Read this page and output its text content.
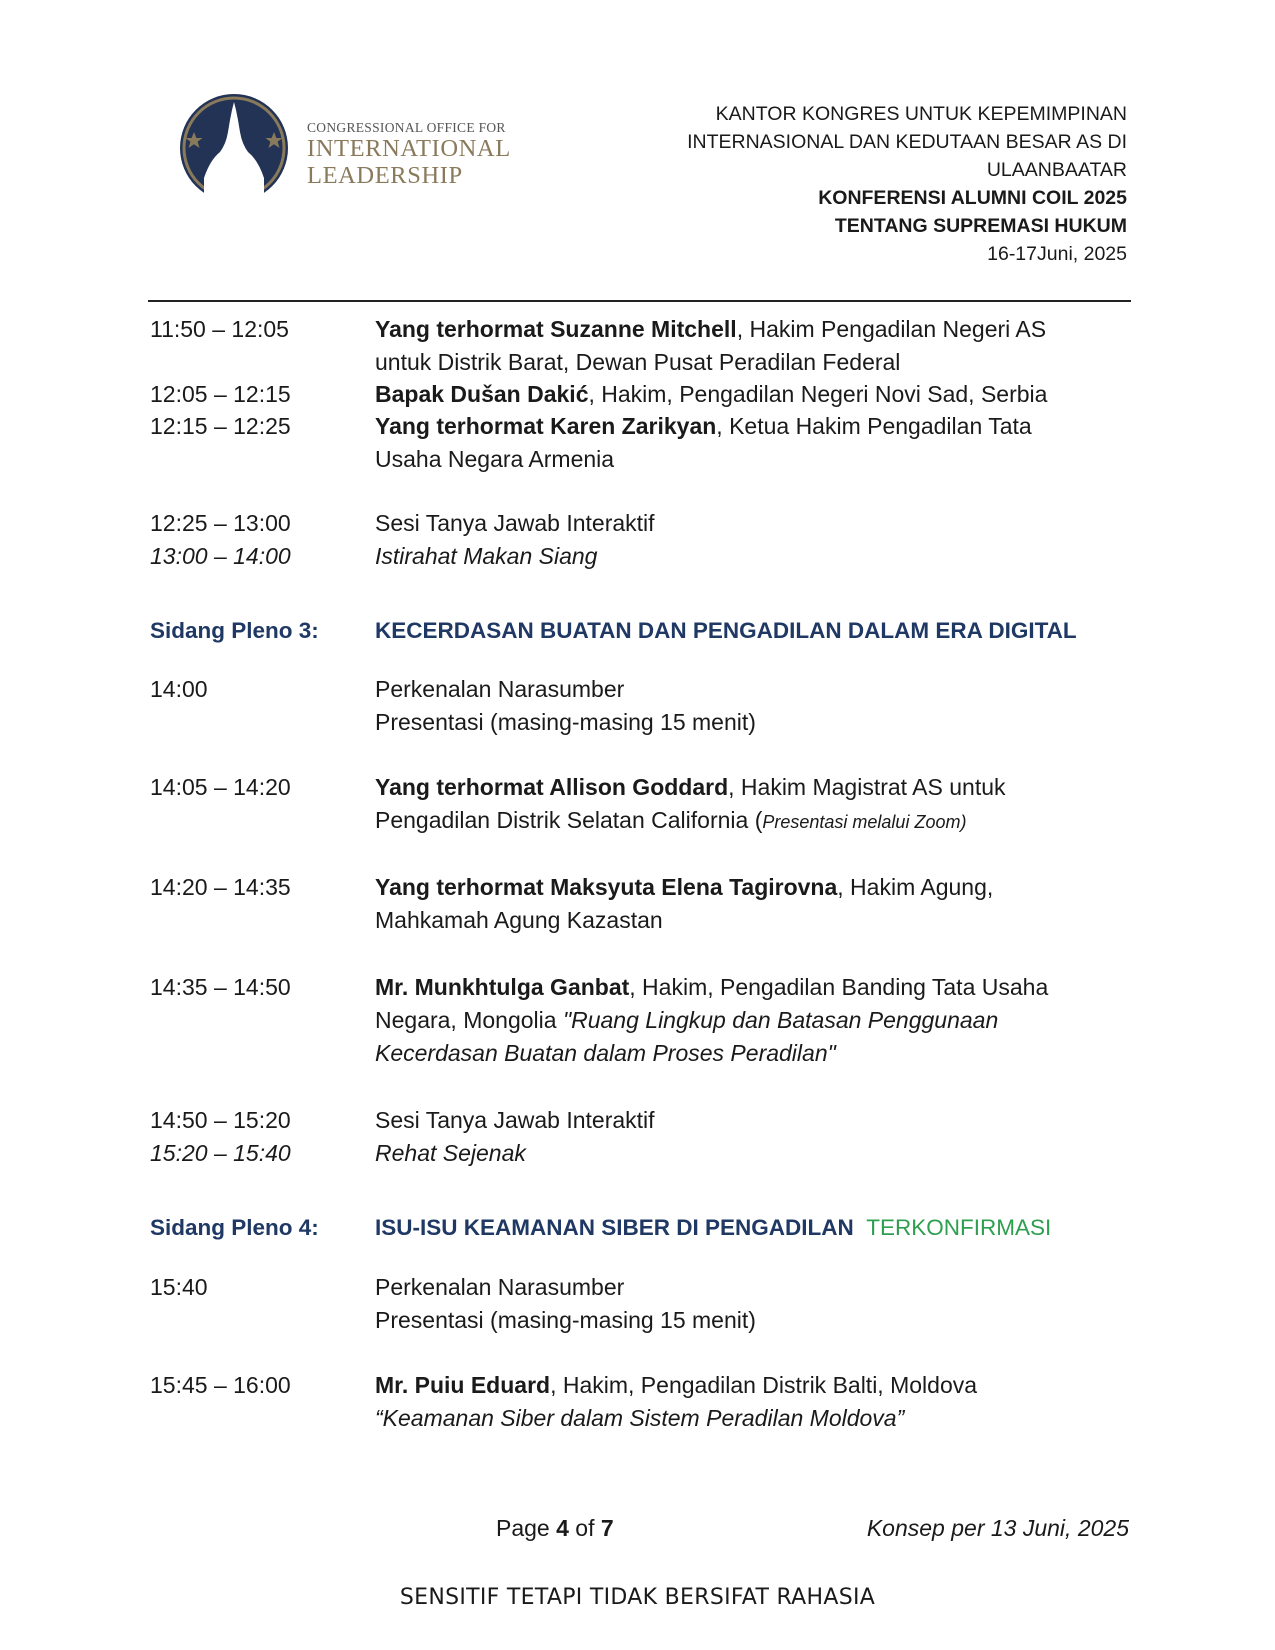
CONGRESSIONAL OFFICE FOR
INTERNATIONAL
LEADERSHIP
KANTOR KONGRES UNTUK KEPEMIMPINAN
INTERNASIONAL DAN KEDUTAAN BESAR AS DI
ULAANBAATAR
KONFERENSI ALUMNI COIL 2025
TENTANG SUPREMASI HUKUM
16-17Juni, 2025
11:50 – 12:05	Yang terhormat Suzanne Mitchell, Hakim Pengadilan Negeri AS
untuk Distrik Barat, Dewan Pusat Peradilan Federal
12:05 – 12:15	Bapak Dušan Dakić, Hakim, Pengadilan Negeri Novi Sad, Serbia
12:15 – 12:25	Yang terhormat Karen Zarikyan, Ketua Hakim Pengadilan Tata
Usaha Negara Armenia
12:25 – 13:00	Sesi Tanya Jawab Interaktif
13:00 – 14:00	Istirahat Makan Siang
Sidang Pleno 3: KECERDASAN BUATAN DAN PENGADILAN DALAM ERA DIGITAL
14:00	Perkenalan Narasumber
Presentasi (masing-masing 15 menit)
14:05 – 14:20	Yang terhormat Allison Goddard, Hakim Magistrat AS untuk
Pengadilan Distrik Selatan California (Presentasi melalui Zoom)
14:20 – 14:35	Yang terhormat Maksyuta Elena Tagirovna, Hakim Agung,
Mahkamah Agung Kazastan
14:35 – 14:50	Mr. Munkhtulga Ganbat, Hakim, Pengadilan Banding Tata Usaha
Negara, Mongolia "Ruang Lingkup dan Batasan Penggunaan
Kecerdasan Buatan dalam Proses Peradilan"
14:50 – 15:20	Sesi Tanya Jawab Interaktif
15:20 – 15:40	Rehat Sejenak
Sidang Pleno 4: ISU-ISU KEAMANAN SIBER DI PENGADILAN TERKONFIRMASI
15:40	Perkenalan Narasumber
Presentasi (masing-masing 15 menit)
15:45 – 16:00	Mr. Puiu Eduard, Hakim, Pengadilan Distrik Balti, Moldova
“Keamanan Siber dalam Sistem Peradilan Moldova”
Page 4 of 7	Konsep per 13 Juni, 2025
SENSITIF TETAPI TIDAK BERSIFAT RAHASIA
